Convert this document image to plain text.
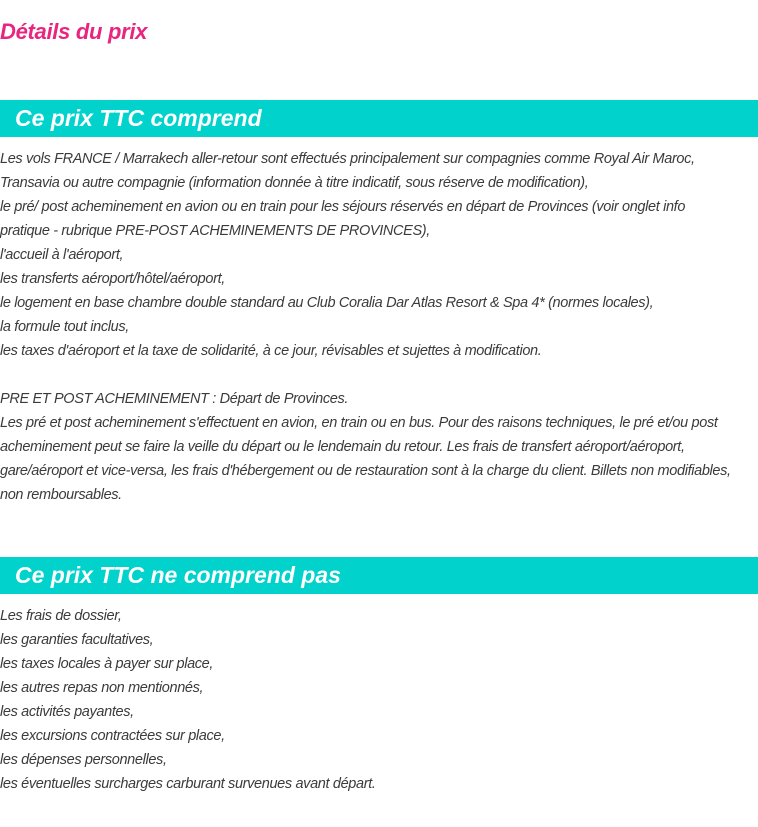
Détails du prix
Ce prix TTC comprend
Les vols FRANCE / Marrakech aller-retour sont effectués principalement sur compagnies comme Royal Air Maroc,
Transavia ou autre compagnie (information donnée à titre indicatif, sous réserve de modification),
le pré/ post acheminement en avion ou en train pour les séjours réservés en départ de Provinces (voir onglet info
pratique - rubrique PRE-POST ACHEMINEMENTS DE PROVINCES),
l'accueil à l'aéroport,
les transferts aéroport/hôtel/aéroport,
le logement en base chambre double standard au Club Coralia Dar Atlas Resort & Spa 4* (normes locales),
la formule tout inclus,
les taxes d'aéroport et la taxe de solidarité, à ce jour, révisables et sujettes à modification.
PRE ET POST ACHEMINEMENT : Départ de Provinces.
Les pré et post acheminement s'effectuent en avion, en train ou en bus. Pour des raisons techniques, le pré et/ou post
acheminement peut se faire la veille du départ ou le lendemain du retour. Les frais de transfert aéroport/aéroport,
gare/aéroport et vice-versa, les frais d'hébergement ou de restauration sont à la charge du client. Billets non modifiables,
non remboursables.
Ce prix TTC ne comprend pas
Les frais de dossier,
les garanties facultatives,
les taxes locales à payer sur place,
les autres repas non mentionnés,
les activités payantes,
les excursions contractées sur place,
les dépenses personnelles,
les éventuelles surcharges carburant survenues avant départ.
